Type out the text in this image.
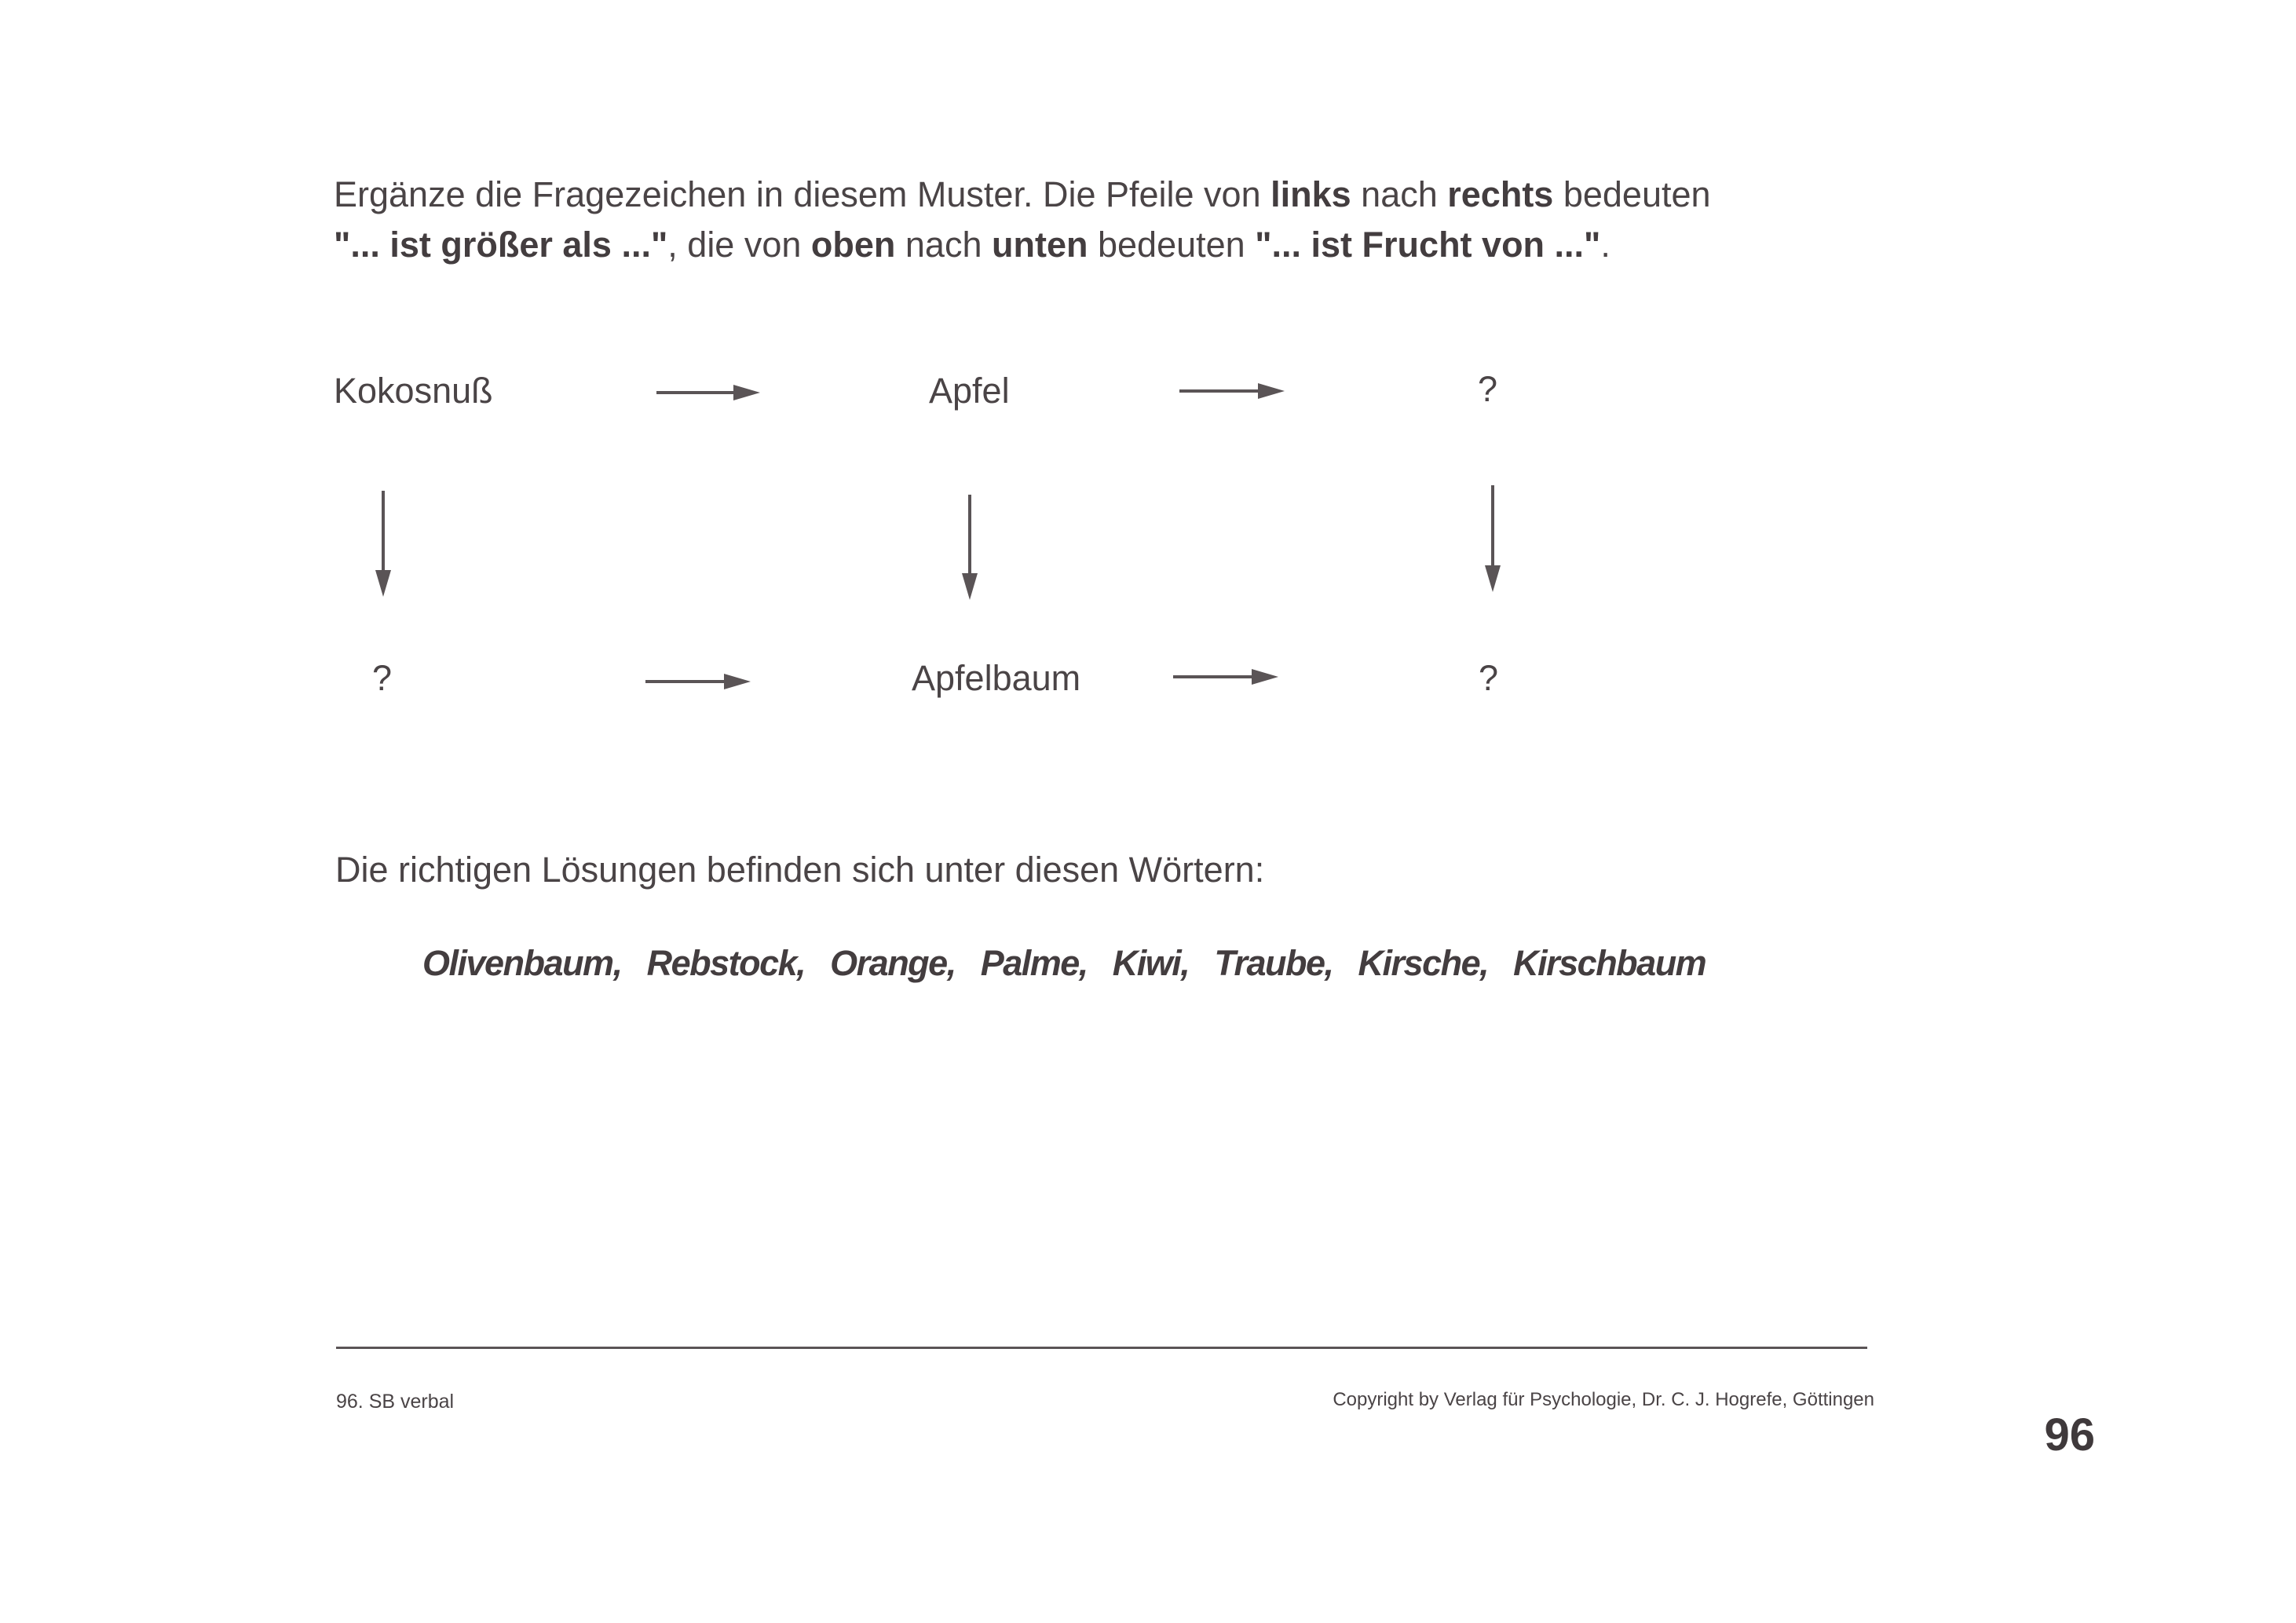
Ergänze die Fragezeichen in diesem Muster. Die Pfeile von links nach rechts bedeuten
"... ist größer als ...", die von oben nach unten bedeuten "... ist Frucht von ...".

Kokosnuß	Apfel	?
?	Apfelbaum	?

Die richtigen Lösungen befinden sich unter diesen Wörtern:

Olivenbaum, Rebstock, Orange, Palme, Kiwi, Traube, Kirsche, Kirschbaum
96. SB verbal	Copyright by Verlag für Psychologie, Dr. C. J. Hogrefe, Göttingen
96
